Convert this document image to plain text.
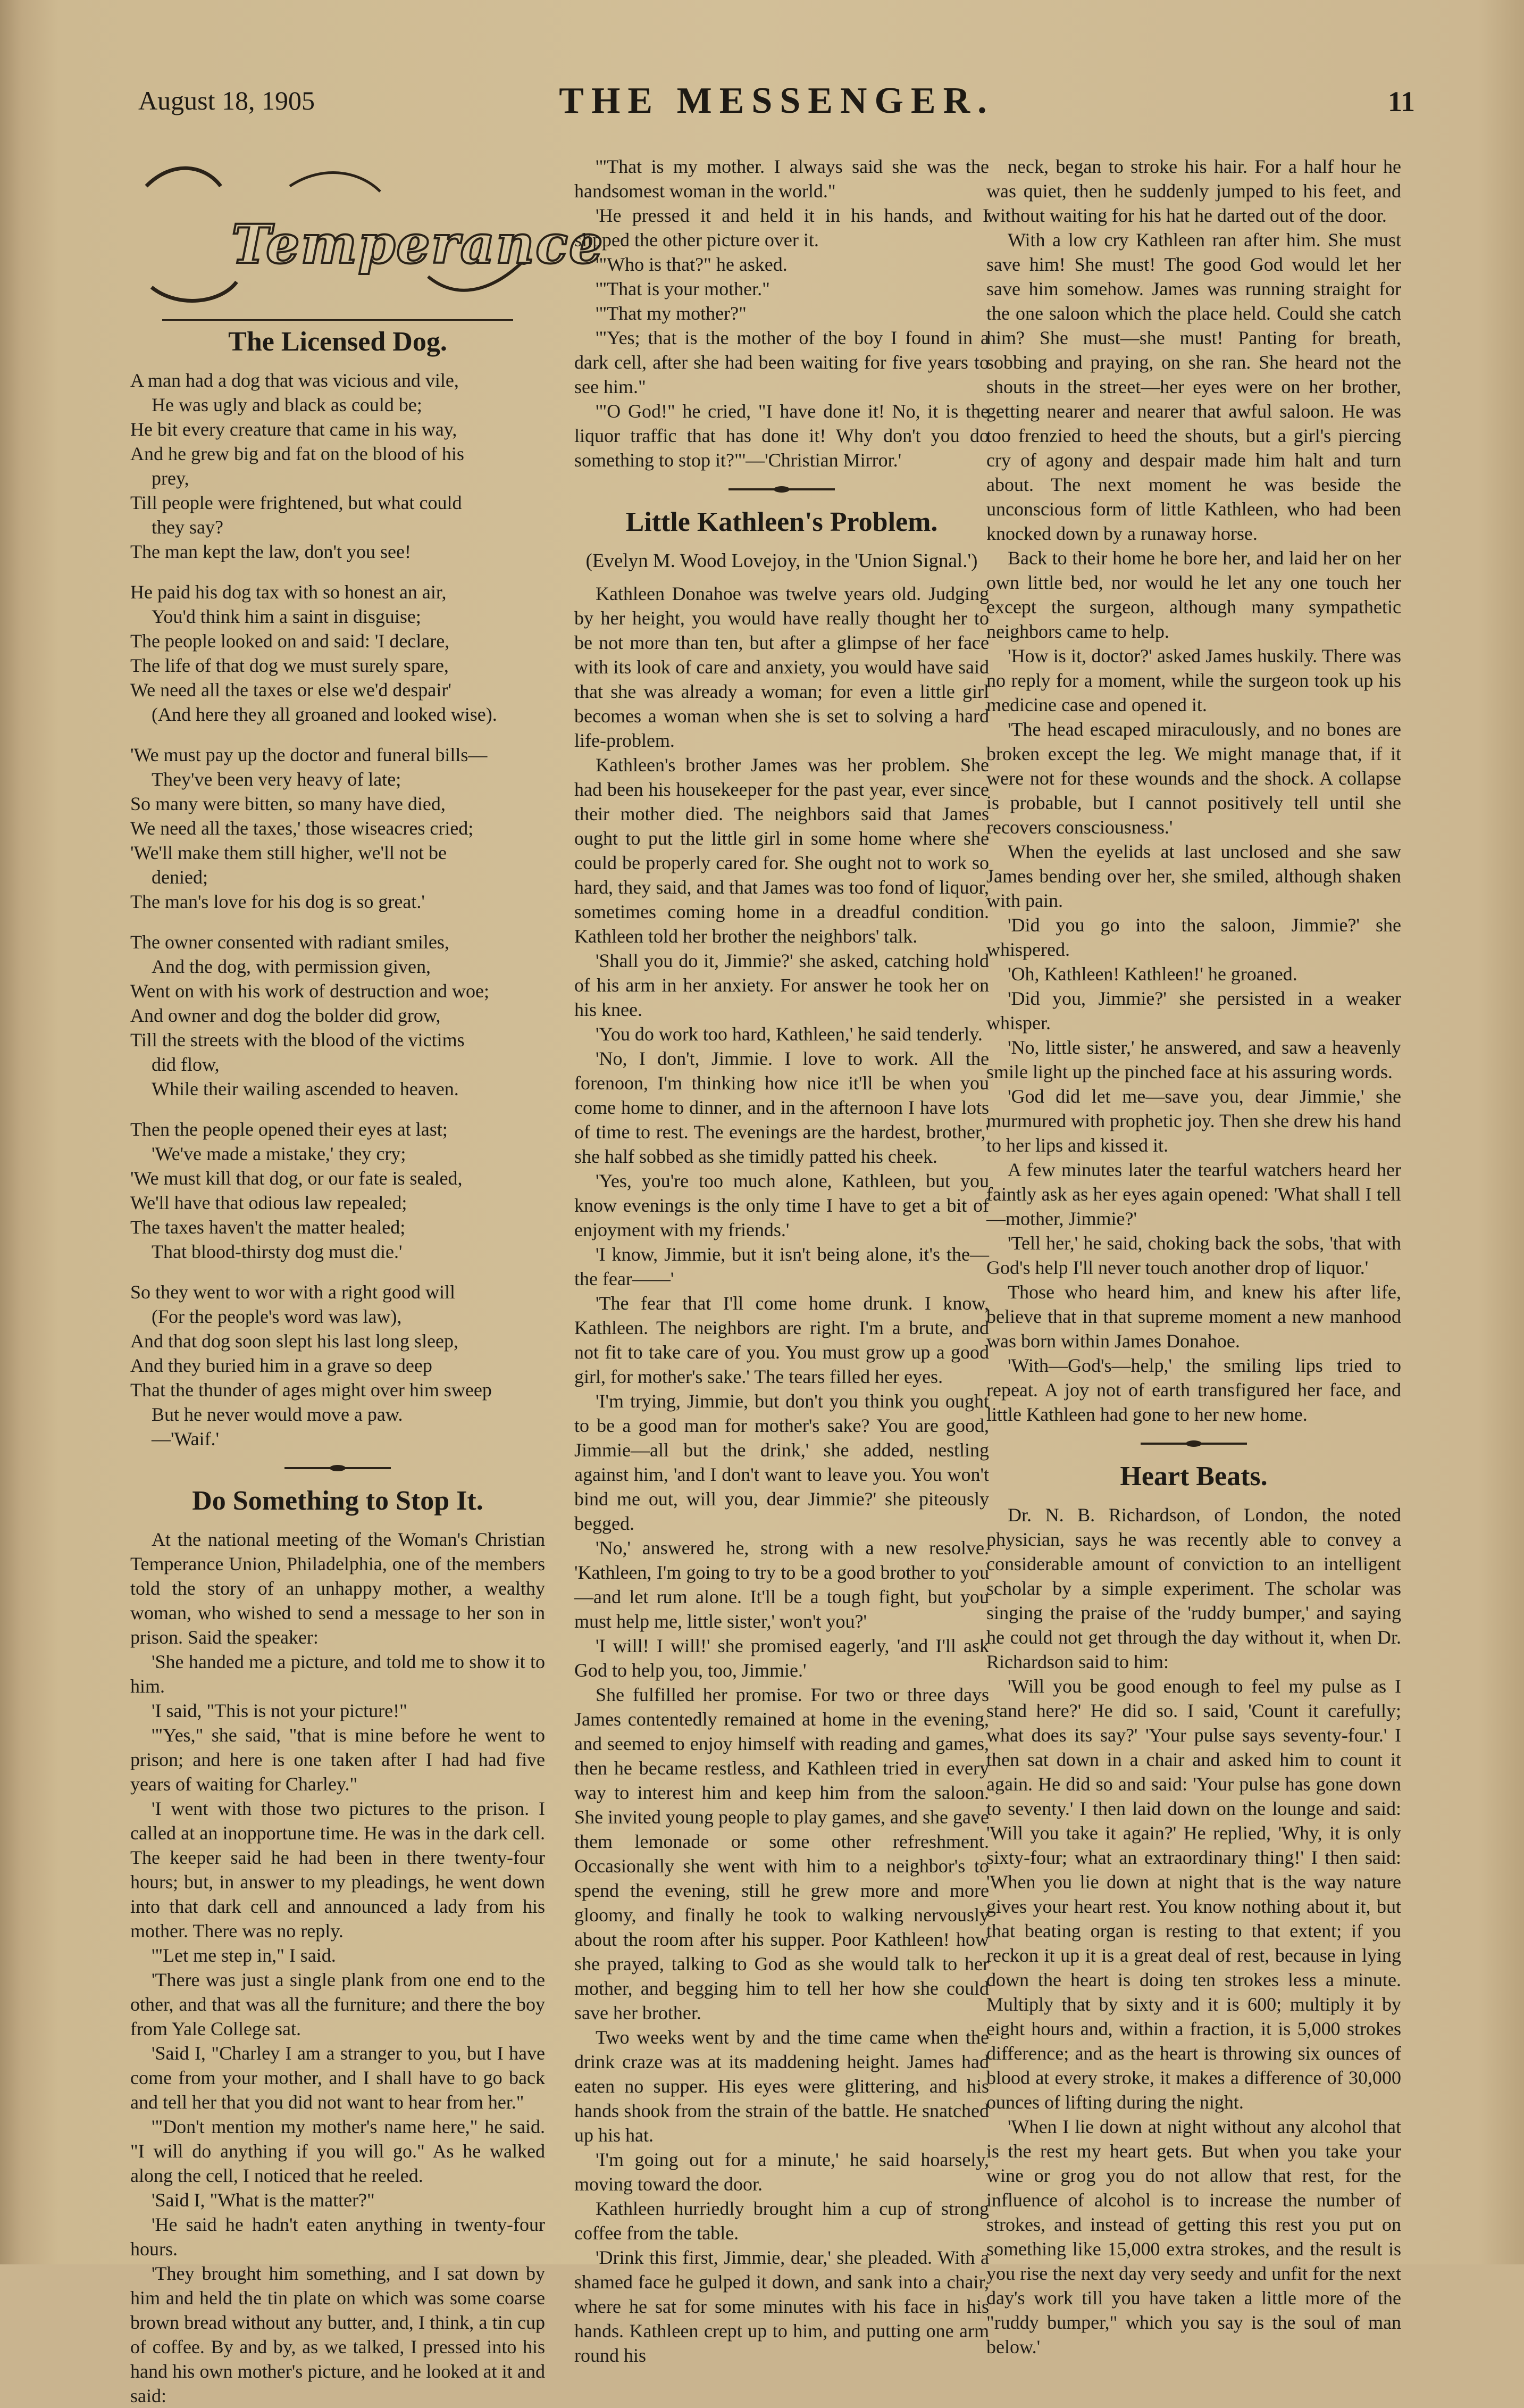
August 18, 1905	THE MESSENGER.	11
Temperance
The Licensed Dog.

A man had a dog that was vicious and vile,

He was ugly and black as could be;

He bit every creature that came in his way,

And he grew big and fat on the blood of his

prey,

Till people were frightened, but what could

they say?

The man kept the law, don't you see!

He paid his dog tax with so honest an air,

You'd think him a saint in disguise;

The people looked on and said: 'I declare,

The life of that dog we must surely spare,

We need all the taxes or else we'd despair'

(And here they all groaned and looked wise).

'We must pay up the doctor and funeral bills—

They've been very heavy of late;

So many were bitten, so many have died,

We need all the taxes,' those wiseacres cried;

'We'll make them still higher, we'll not be

denied;

The man's love for his dog is so great.'

The owner consented with radiant smiles,

And the dog, with permission given,

Went on with his work of destruction and woe;

And owner and dog the bolder did grow,

Till the streets with the blood of the victims

did flow,

While their wailing ascended to heaven.

Then the people opened their eyes at last;

'We've made a mistake,' they cry;

'We must kill that dog, or our fate is sealed,

We'll have that odious law repealed;

The taxes haven't the matter healed;

That blood-thirsty dog must die.'

So they went to wor with a right good will

(For the people's word was law),

And that dog soon slept his last long sleep,

And they buried him in a grave so deep

That the thunder of ages might over him sweep

But he never would move a paw.

—'Waif.'

Do Something to Stop It.

At the national meeting of the Woman's Christian Temperance Union, Philadelphia, one of the members told the story of an unhappy mother, a wealthy woman, who wished to send a message to her son in prison. Said the speaker:

'She handed me a picture, and told me to show it to him.

'I said, "This is not your picture!"

'"Yes," she said, "that is mine before he went to prison; and here is one taken after I had had five years of waiting for Charley."

'I went with those two pictures to the prison. I called at an inopportune time. He was in the dark cell. The keeper said he had been in there twenty-four hours; but, in answer to my pleadings, he went down into that dark cell and announced a lady from his mother. There was no reply.

'"Let me step in," I said.

'There was just a single plank from one end to the other, and that was all the furniture; and there the boy from Yale College sat.

'Said I, "Charley I am a stranger to you, but I have come from your mother, and I shall have to go back and tell her that you did not want to hear from her."

'"Don't mention my mother's name here," he said. "I will do anything if you will go." As he walked along the cell, I noticed that he reeled.

'Said I, "What is the matter?"

'He said he hadn't eaten anything in twenty-four hours.

'They brought him something, and I sat down by him and held the tin plate on which was some coarse brown bread without any butter, and, I think, a tin cup of coffee. By and by, as we talked, I pressed into his hand his own mother's picture, and he looked at it and said:

'"That is my mother. I always said she was the handsomest woman in the world."

'He pressed it and held it in his hands, and I slipped the other picture over it.

'"Who is that?" he asked.

'"That is your mother."

'"That my mother?"

'"Yes; that is the mother of the boy I found in a dark cell, after she had been waiting for five years to see him."

'"O God!" he cried, "I have done it! No, it is the liquor traffic that has done it! Why don't you do something to stop it?"'—'Christian Mirror.'

Little Kathleen's Problem.

(Evelyn M. Wood Lovejoy, in the 'Union Signal.')

Kathleen Donahoe was twelve years old. Judging by her height, you would have really thought her to be not more than ten, but after a glimpse of her face with its look of care and anxiety, you would have said that she was already a woman; for even a little girl becomes a woman when she is set to solving a hard life-problem.

Kathleen's brother James was her problem. She had been his housekeeper for the past year, ever since their mother died. The neighbors said that James ought to put the little girl in some home where she could be properly cared for. She ought not to work so hard, they said, and that James was too fond of liquor, sometimes coming home in a dreadful condition. Kathleen told her brother the neighbors' talk.

'Shall you do it, Jimmie?' she asked, catching hold of his arm in her anxiety. For answer he took her on his knee.

'You do work too hard, Kathleen,' he said tenderly.

'No, I don't, Jimmie. I love to work. All the forenoon, I'm thinking how nice it'll be when you come home to dinner, and in the afternoon I have lots of time to rest. The evenings are the hardest, brother,' she half sobbed as she timidly patted his cheek.

'Yes, you're too much alone, Kathleen, but you know evenings is the only time I have to get a bit of enjoyment with my friends.'

'I know, Jimmie, but it isn't being alone, it's the—the fear——'

'The fear that I'll come home drunk. I know, Kathleen. The neighbors are right. I'm a brute, and not fit to take care of you. You must grow up a good girl, for mother's sake.' The tears filled her eyes.

'I'm trying, Jimmie, but don't you think you ought to be a good man for mother's sake? You are good, Jimmie—all but the drink,' she added, nestling against him, 'and I don't want to leave you. You won't bind me out, will you, dear Jimmie?' she piteously begged.

'No,' answered he, strong with a new resolve. 'Kathleen, I'm going to try to be a good brother to you—and let rum alone. It'll be a tough fight, but you must help me, little sister,' won't you?'

'I will! I will!' she promised eagerly, 'and I'll ask God to help you, too, Jimmie.'

She fulfilled her promise. For two or three days James contentedly remained at home in the evening, and seemed to enjoy himself with reading and games, then he became restless, and Kathleen tried in every way to interest him and keep him from the saloon. She invited young people to play games, and she gave them lemonade or some other refreshment. Occasionally she went with him to a neighbor's to spend the evening, still he grew more and more gloomy, and finally he took to walking nervously about the room after his supper. Poor Kathleen! how she prayed, talking to God as she would talk to her mother, and begging him to tell her how she could save her brother.

Two weeks went by and the time came when the drink craze was at its maddening height. James had eaten no supper. His eyes were glittering, and his hands shook from the strain of the battle. He snatched up his hat.

'I'm going out for a minute,' he said hoarsely, moving toward the door.

Kathleen hurriedly brought him a cup of strong coffee from the table.

'Drink this first, Jimmie, dear,' she pleaded. With a shamed face he gulped it down, and sank into a chair, where he sat for some minutes with his face in his hands. Kathleen crept up to him, and putting one arm round his

neck, began to stroke his hair. For a half hour he was quiet, then he suddenly jumped to his feet, and without waiting for his hat he darted out of the door.

With a low cry Kathleen ran after him. She must save him! She must! The good God would let her save him somehow. James was running straight for the one saloon which the place held. Could she catch him? She must—she must! Panting for breath, sobbing and praying, on she ran. She heard not the shouts in the street—her eyes were on her brother, getting nearer and nearer that awful saloon. He was too frenzied to heed the shouts, but a girl's piercing cry of agony and despair made him halt and turn about. The next moment he was beside the unconscious form of little Kathleen, who had been knocked down by a runaway horse.

Back to their home he bore her, and laid her on her own little bed, nor would he let any one touch her except the surgeon, although many sympathetic neighbors came to help.

'How is it, doctor?' asked James huskily. There was no reply for a moment, while the surgeon took up his medicine case and opened it.

'The head escaped miraculously, and no bones are broken except the leg. We might manage that, if it were not for these wounds and the shock. A collapse is probable, but I cannot positively tell until she recovers consciousness.'

When the eyelids at last unclosed and she saw James bending over her, she smiled, although shaken with pain.

'Did you go into the saloon, Jimmie?' she whispered.

'Oh, Kathleen! Kathleen!' he groaned.

'Did you, Jimmie?' she persisted in a weaker whisper.

'No, little sister,' he answered, and saw a heavenly smile light up the pinched face at his assuring words.

'God did let me—save you, dear Jimmie,' she murmured with prophetic joy. Then she drew his hand to her lips and kissed it.

A few minutes later the tearful watchers heard her faintly ask as her eyes again opened: 'What shall I tell—mother, Jimmie?'

'Tell her,' he said, choking back the sobs, 'that with God's help I'll never touch another drop of liquor.'

Those who heard him, and knew his after life, believe that in that supreme moment a new manhood was born within James Donahoe.

'With—God's—help,' the smiling lips tried to repeat. A joy not of earth transfigured her face, and little Kathleen had gone to her new home.

Heart Beats.

Dr. N. B. Richardson, of London, the noted physician, says he was recently able to convey a considerable amount of conviction to an intelligent scholar by a simple experiment. The scholar was singing the praise of the 'ruddy bumper,' and saying he could not get through the day without it, when Dr. Richardson said to him:

'Will you be good enough to feel my pulse as I stand here?' He did so. I said, 'Count it carefully; what does its say?' 'Your pulse says seventy-four.' I then sat down in a chair and asked him to count it again. He did so and said: 'Your pulse has gone down to seventy.' I then laid down on the lounge and said: 'Will you take it again?' He replied, 'Why, it is only sixty-four; what an extraordinary thing!' I then said: 'When you lie down at night that is the way nature gives your heart rest. You know nothing about it, but that beating organ is resting to that extent; if you reckon it up it is a great deal of rest, because in lying down the heart is doing ten strokes less a minute. Multiply that by sixty and it is 600; multiply it by eight hours and, within a fraction, it is 5,000 strokes difference; and as the heart is throwing six ounces of blood at every stroke, it makes a difference of 30,000 ounces of lifting during the night.

'When I lie down at night without any alcohol that is the rest my heart gets. But when you take your wine or grog you do not allow that rest, for the influence of alcohol is to increase the number of strokes, and instead of getting this rest you put on something like 15,000 extra strokes, and the result is you rise the next day very seedy and unfit for the next day's work till you have taken a little more of the "ruddy bumper," which you say is the soul of man below.'
